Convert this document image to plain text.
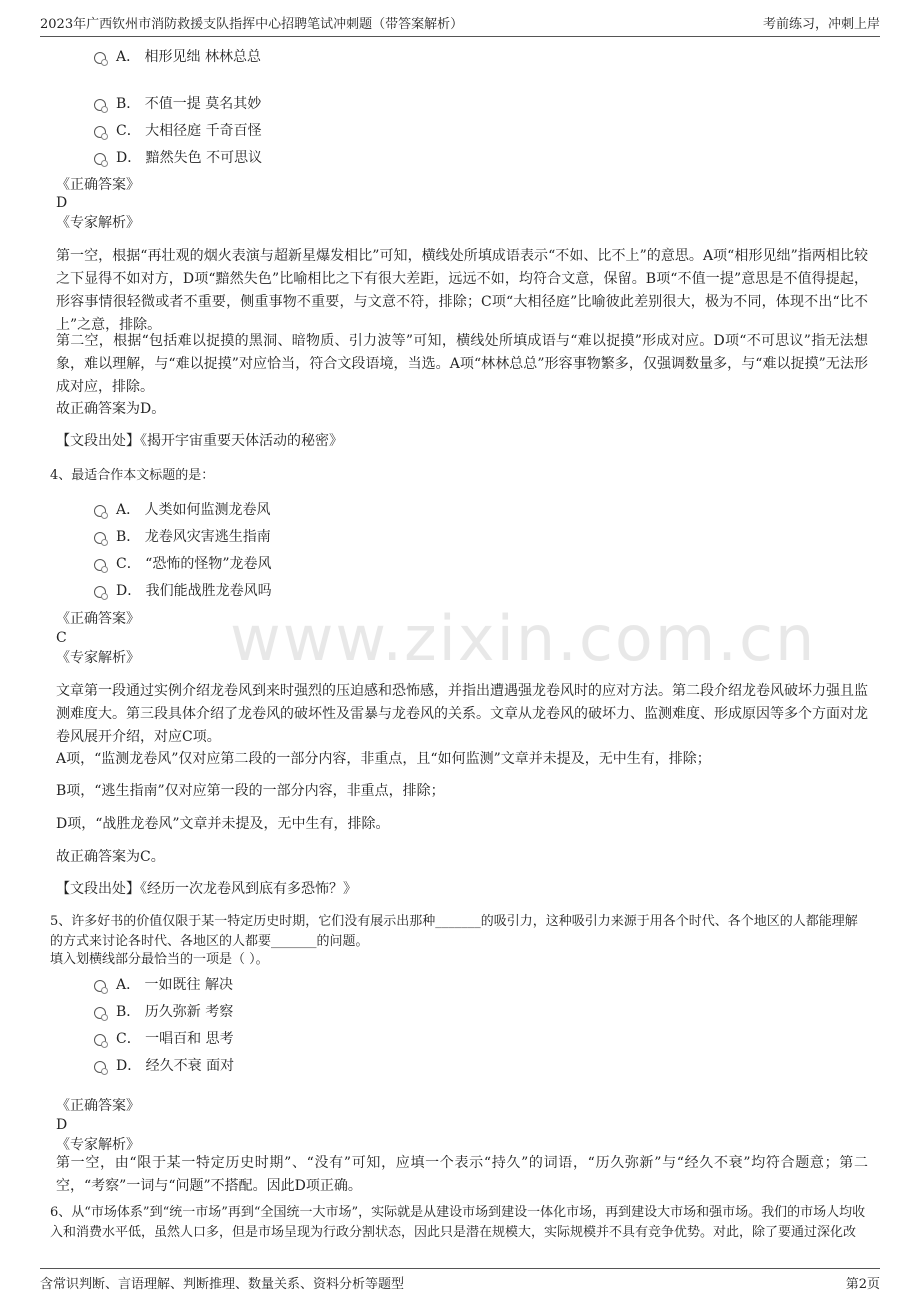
2023年广西钦州市消防救援支队指挥中心招聘笔试冲刺题（带答案解析）	考前练习，冲刺上岸
www.zixin.com.cn
A． 相形见绌 林林总总
B． 不值一提 莫名其妙
C． 大相径庭 千奇百怪
D． 黯然失色 不可思议
《正确答案》
D
《专家解析》
第一空，根据“再壮观的烟火表演与超新星爆发相比”可知，横线处所填成语表示“不如、比不上”的意思。A项“相形见绌”指两相比较之下显得不如对方，D项“黯然失色”比喻相比之下有很大差距，远远不如，均符合文意，保留。B项“不值一提”意思是不值得提起，形容事情很轻微或者不重要，侧重事物不重要，与文意不符，排除；C项“大相径庭”比喻彼此差别很大，极为不同，体现不出“比不上”之意，排除。
第二空，根据“包括难以捉摸的黑洞、暗物质、引力波等”可知，横线处所填成语与“难以捉摸”形成对应。D项“不可思议”指无法想象，难以理解，与“难以捉摸”对应恰当，符合文段语境，当选。A项“林林总总”形容事物繁多，仅强调数量多，与“难以捉摸”无法形成对应，排除。
故正确答案为D。
【文段出处】《揭开宇宙重要天体活动的秘密》
4、最适合作本文标题的是：
A． 人类如何监测龙卷风
B． 龙卷风灾害逃生指南
C． “恐怖的怪物”龙卷风
D． 我们能战胜龙卷风吗
《正确答案》
C
《专家解析》
文章第一段通过实例介绍龙卷风到来时强烈的压迫感和恐怖感，并指出遭遇强龙卷风时的应对方法。第二段介绍龙卷风破坏力强且监测难度大。第三段具体介绍了龙卷风的破坏性及雷暴与龙卷风的关系。文章从龙卷风的破坏力、监测难度、形成原因等多个方面对龙卷风展开介绍，对应C项。
A项，“监测龙卷风”仅对应第二段的一部分内容，非重点，且“如何监测”文章并未提及，无中生有，排除；
B项，“逃生指南”仅对应第一段的一部分内容，非重点，排除；
D项，“战胜龙卷风”文章并未提及，无中生有，排除。
故正确答案为C。
【文段出处】《经历一次龙卷风到底有多恐怖？》
5、许多好书的价值仅限于某一特定历史时期，它们没有展示出那种_______的吸引力，这种吸引力来源于用各个时代、各个地区的人都能理解的方式来讨论各时代、各地区的人都要_______的问题。
填入划横线部分最恰当的一项是（ ）。
A． 一如既往 解决
B． 历久弥新 考察
C． 一唱百和 思考
D． 经久不衰 面对
《正确答案》
D
《专家解析》
第一空，由“限于某一特定历史时期”、“没有”可知，应填一个表示“持久”的词语，“历久弥新”与“经久不衰”均符合题意；第二空，“考察”一词与“问题”不搭配。因此D项正确。
6、从“市场体系”到“统一市场”再到“全国统一大市场”，实际就是从建设市场到建设一体化市场，再到建设大市场和强市场。我们的市场人均收入和消费水平低，虽然人口多，但是市场呈现为行政分割状态，因此只是潜在规模大，实际规模并不具有竞争优势。对此，除了要通过深化改
含常识判断、言语理解、判断推理、数量关系、资料分析等题型	第2页
